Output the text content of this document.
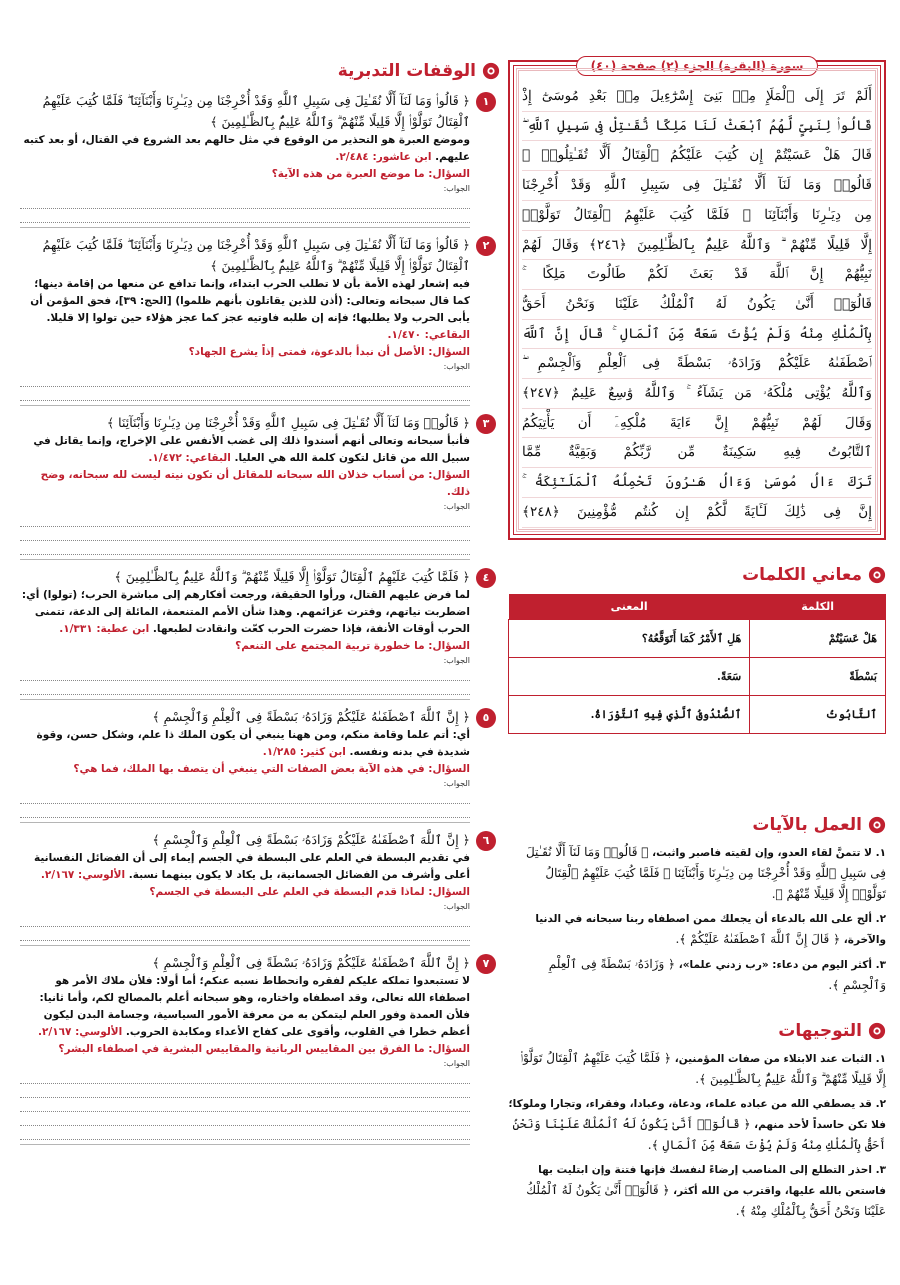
الوقفات التدبرية
١
﴿ قَالُوا۟ وَمَا لَنَآ أَلَّا نُقَـٰتِلَ فِى سَبِيلِ ٱللَّهِ وَقَدْ أُخْرِجْنَا مِن دِيَـٰرِنَا وَأَبْنَآئِنَا ۖ فَلَمَّا كُتِبَ عَلَيْهِمُ ٱلْقِتَالُ تَوَلَّوْا۟ إِلَّا قَلِيلًا مِّنْهُمْ ۗ وَٱللَّهُ عَلِيمٌۢ بِٱلظَّـٰلِمِينَ ﴾
وموضع العبرة هو التحذير من الوقوع في مثل حالهم بعد الشروع في القتال، أو بعد كتبه عليهم. ابن عاشور: ٢/٤٨٤.
السؤال: ما موضع العبرة من هذه الآية؟
الجواب:
٢
﴿ قَالُوا۟ وَمَا لَنَآ أَلَّا نُقَـٰتِلَ فِى سَبِيلِ ٱللَّهِ وَقَدْ أُخْرِجْنَا مِن دِيَـٰرِنَا وَأَبْنَآئِنَا ۖ فَلَمَّا كُتِبَ عَلَيْهِمُ ٱلْقِتَالُ تَوَلَّوْا۟ إِلَّا قَلِيلًا مِّنْهُمْ ۗ وَٱللَّهُ عَلِيمٌۢ بِٱلظَّـٰلِمِينَ ﴾
فيه إشعار لهذه الأمة بأن لا تطلب الحرب ابتداء، وإنما تدافع عن منعها من إقامة دينها؛ كما قال سبحانه وتعالى: (أذن للذين يقاتلون بأنهم ظلموا) [الحج: ٣٩]، فحق المؤمن أن يأبى الحرب ولا يطلبها؛ فإنه إن طلبه فاوتيه عجز كما عجز هؤلاء حين تولوا إلا قليلا. البقاعي: ١/٤٧٠.
السؤال: الأصل أن نبدأ بالدعوة، فمتى إذاً يشرع الجهاد؟
الجواب:
٣
﴿ قَالُوا۟ وَمَا لَنَآ أَلَّا نُقَـٰتِلَ فِى سَبِيلِ ٱللَّهِ وَقَدْ أُخْرِجْنَا مِن دِيَـٰرِنَا وَأَبْنَآئِنَا ﴾
فأنبأ سبحانه وتعالى أنهم أسندوا ذلك إلى غضب الأنفس على الإخراج، وإنما يقاتل في سبيل الله من قاتل لتكون كلمة الله هي العليا. البقاعي: ١/٤٧٢.
السؤال: من أسباب خذلان الله سبحانه للمقاتل أن تكون نيته ليست لله سبحانه، وضح ذلك.
الجواب:
٤
﴿ فَلَمَّا كُتِبَ عَلَيْهِمُ ٱلْقِتَالُ تَوَلَّوْا۟ إِلَّا قَلِيلًا مِّنْهُمْ ۗ وَٱللَّهُ عَلِيمٌۢ بِٱلظَّـٰلِمِينَ ﴾
لما فرض عليهم القتال، ورأوا الحقيقة، ورجعت أفكارهم إلى مباشرة الحرب؛ (تولوا) أي: اضطربت نياتهم، وفترت عزائمهم. وهذا شأن الأمم المتنعمة، المائلة إلى الدعة، تتمنى الحرب أوقات الأنفة، فإذا حضرت الحرب كعّت وانقادت لطبعها. ابن عطية: ١/٣٣١.
السؤال: ما خطورة تربية المجتمع على التنعم؟
الجواب:
٥
﴿ إِنَّ ٱللَّهَ ٱصْطَفَىٰهُ عَلَيْكُمْ وَزَادَهُۥ بَسْطَةً فِى ٱلْعِلْمِ وَٱلْجِسْمِ ﴾
أي: أتم علما وقامة منكم، ومن ههنا ينبغي أن يكون الملك ذا علم، وشكل حسن، وقوة شديدة في بدنه ونفسه. ابن كثير: ١/٢٨٥.
السؤال: في هذه الآية بعض الصفات التي ينبغي أن يتصف بها الملك، فما هي؟
الجواب:
٦
﴿ إِنَّ ٱللَّهَ ٱصْطَفَىٰهُ عَلَيْكُمْ وَزَادَهُۥ بَسْطَةً فِى ٱلْعِلْمِ وَٱلْجِسْمِ ﴾
في تقديم البسطة في العلم على البسطة في الجسم إيماء إلى أن الفضائل النفسانية أعلى وأشرف من الفضائل الجسمانية، بل يكاد لا يكون بينهما نسبة. الألوسي: ٢/١٦٧.
السؤال: لماذا قدم البسطة في العلم على البسطة في الجسم؟
الجواب:
٧
﴿ إِنَّ ٱللَّهَ ٱصْطَفَىٰهُ عَلَيْكُمْ وَزَادَهُۥ بَسْطَةً فِى ٱلْعِلْمِ وَٱلْجِسْمِ ﴾
لا تستبعدوا تملكه عليكم لفقره وانحطاط نسبه عنكم؛ أما أولا: فلأن ملاك الأمر هو اصطفاء الله تعالى، وقد اصطفاه واختاره، وهو سبحانه أعلم بالمصالح لكم، وأما ثانيا: فلأن العمدة وفور العلم ليتمكن به من معرفة الأمور السياسية، وجسامة البدن ليكون أعظم خطرا في القلوب، وأقوى على كفاح الأعداء ومكابدة الحروب. الألوسي: ٢/١٦٧.
السؤال: ما الفرق بين المقاييس الربانية والمقاييس البشرية في اصطفاء البشر؟
الجواب:
سورة (البقرة) الجزء (٢) صفحة (٤٠)
أَلَمْ تَرَ إِلَى ٱلْمَلَإِ مِنۢ بَنِىٓ إِسْرَٰٓءِيلَ مِنۢ بَعْدِ مُوسَىٰٓ إِذْ
قَالُوا۟ لِنَبِىٍّ لَّهُمُ ٱبْعَثْ لَنَا مَلِكًا نُّقَـٰتِلْ فِى سَبِيلِ ٱللَّهِ ۖ
قَالَ هَلْ عَسَيْتُمْ إِن كُتِبَ عَلَيْكُمُ ٱلْقِتَالُ أَلَّا تُقَـٰتِلُوا۟ ۖ
قَالُوا۟ وَمَا لَنَآ أَلَّا نُقَـٰتِلَ فِى سَبِيلِ ٱللَّهِ وَقَدْ أُخْرِجْنَا
مِن دِيَـٰرِنَا وَأَبْنَآئِنَا ۖ فَلَمَّا كُتِبَ عَلَيْهِمُ ٱلْقِتَالُ تَوَلَّوْا۟
إِلَّا قَلِيلًا مِّنْهُمْ ۗ وَٱللَّهُ عَلِيمٌۢ بِٱلظَّـٰلِمِينَ ﴿٢٤٦﴾ وَقَالَ لَهُمْ
نَبِيُّهُمْ إِنَّ ٱللَّهَ قَدْ بَعَثَ لَكُمْ طَالُوتَ مَلِكًا ۚ
قَالُوٓا۟ أَنَّىٰ يَكُونُ لَهُ ٱلْمُلْكُ عَلَيْنَا وَنَحْنُ أَحَقُّ
بِٱلْمُلْكِ مِنْهُ وَلَمْ يُؤْتَ سَعَةً مِّنَ ٱلْمَالِ ۚ قَالَ إِنَّ ٱللَّهَ
ٱصْطَفَىٰهُ عَلَيْكُمْ وَزَادَهُۥ بَسْطَةً فِى ٱلْعِلْمِ وَٱلْجِسْمِ ۖ
وَٱللَّهُ يُؤْتِى مُلْكَهُۥ مَن يَشَآءُ ۚ وَٱللَّهُ وَٰسِعٌ عَلِيمٌ ﴿٢٤٧﴾
وَقَالَ لَهُمْ نَبِيُّهُمْ إِنَّ ءَايَةَ مُلْكِهِۦٓ أَن يَأْتِيَكُمُ
ٱلتَّابُوتُ فِيهِ سَكِينَةٌ مِّن رَّبِّكُمْ وَبَقِيَّةٌ مِّمَّا
تَرَكَ ءَالُ مُوسَىٰ وَءَالُ هَـٰرُونَ تَحْمِلُهُ ٱلْمَلَـٰٓئِكَةُ ۚ
إِنَّ فِى ذَٰلِكَ لَـَٔايَةً لَّكُمْ إِن كُنتُم مُّؤْمِنِينَ ﴿٢٤٨﴾
معاني الكلمات
الكلمة	المعنى
هَلْ عَسَيْتُمْ	هَلِ ٱلأَمْرُ كَمَا أَتَوَقَّعُهُ؟
بَسْطَةً	سَعَةً.
ٱلتَّابُوتُ	ٱلصُّنْدُوقُ ٱلَّذِي فِيهِ ٱلتَّوْرَاةُ.
العمل بالآيات
١. لا تتمنَّ لقاء العدو، وإن لقيته فاصبر واثبت، ﴿ قَالُوا۟ وَمَا لَنَآ أَلَّا نُقَـٰتِلَ فِى سَبِيلِ ٱللَّهِ وَقَدْ أُخْرِجْنَا مِن دِيَـٰرِنَا وَأَبْنَآئِنَا ۖ فَلَمَّا كُتِبَ عَلَيْهِمُ ٱلْقِتَالُ تَوَلَّوْا۟ إِلَّا قَلِيلًا مِّنْهُمْ ﴾.
٢. ألح على الله بالدعاء أن يجعلك ممن اصطفاه ربنا سبحانه في الدنيا والآخرة، ﴿ قَالَ إِنَّ ٱللَّهَ ٱصْطَفَىٰهُ عَلَيْكُمْ ﴾.
٣. أكثر اليوم من دعاء: «رب زدني علما»، ﴿ وَزَادَهُۥ بَسْطَةً فِى ٱلْعِلْمِ وَٱلْجِسْمِ ﴾.
التوجيهات
١. الثبات عند الابتلاء من صفات المؤمنين، ﴿ فَلَمَّا كُتِبَ عَلَيْهِمُ ٱلْقِتَالُ تَوَلَّوْا۟ إِلَّا قَلِيلًا مِّنْهُمْ ۗ وَٱللَّهُ عَلِيمٌۢ بِٱلظَّـٰلِمِينَ ﴾.
٢. قد يصطفي الله من عباده علماء، ودعاة، وعبادا، وفقراء، وتجارا وملوكا؛ فلا تكن حاسداً لأحد منهم، ﴿ قَالُوٓا۟ أَنَّىٰ يَكُونُ لَهُ ٱلْمُلْكُ عَلَيْنَا وَنَحْنُ أَحَقُّ بِٱلْمُلْكِ مِنْهُ وَلَمْ يُؤْتَ سَعَةً مِّنَ ٱلْمَالِ ﴾.
٣. احذر التطلع إلى المناصب إرضاءً لنفسك فإنها فتنة وإن ابتليت بها فاستعن بالله عليها، واقترب من الله أكثر، ﴿ قَالُوٓا۟ أَنَّىٰ يَكُونُ لَهُ ٱلْمُلْكُ عَلَيْنَا وَنَحْنُ أَحَقُّ بِٱلْمُلْكِ مِنْهُ ﴾.
